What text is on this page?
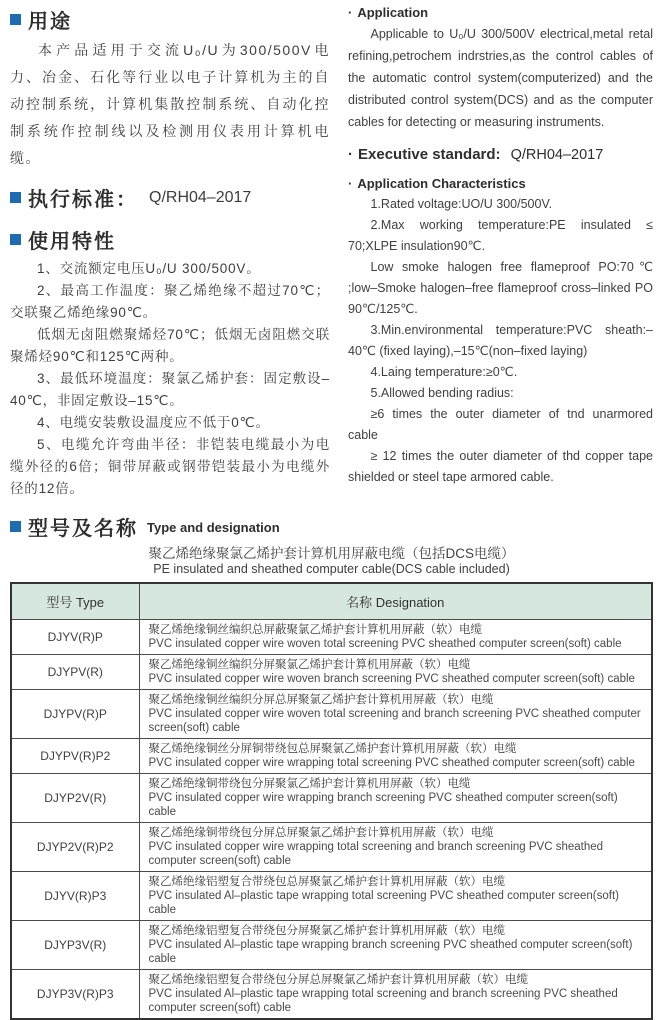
用途

本产品适用于交流U₀/U为300/500V电力、冶金、石化等行业以电子计算机为主的自动控制系统，计算机集散控制系统、自动化控制系统作控制线以及检测用仪表用计算机电缆。

执行标准： Q/RH04–2017
使用特性

1、交流额定电压U₀/U 300/500V。

2、最高工作温度：聚乙烯绝缘不超过70℃；交联聚乙烯绝缘90℃。

低烟无卤阻燃聚烯烃70℃；低烟无卤阻燃交联聚烯烃90℃和125℃两种。

3、最低环境温度：聚氯乙烯护套：固定敷设–40℃，非固定敷设–15℃。

4、电缆安装敷设温度应不低于0℃。

5、电缆允许弯曲半径：非铠装电缆最小为电缆外径的6倍；铜带屏蔽或钢带铠装最小为电缆外径的12倍。

· Application

Applicable to U₀/U 300/500V electrical,metal retal refining,petrochem indrstries,as the control cables of the automatic control system(computerized) and the distributed control system(DCS) and as the computer cables for detecting or measuring instruments.

· Executive standard: Q/RH04–2017
· Application Characteristics

1.Rated voltage:UO/U 300/500V.

2.Max working temperature:PE insulated ≤ 70;XLPE insulation90℃.

Low smoke halogen free flameproof PO:70℃ ;low–Smoke halogen–free flameproof cross–linked PO 90℃/125℃.

3.Min.environmental temperature:PVC sheath:–40℃ (fixed laying),–15℃(non–fixed laying)

4.Laing temperature:≥0℃.

5.Allowed bending radius:

≥6 times the outer diameter of tnd unarmored cable

≥ 12 times the outer diameter of thd copper tape shielded or steel tape armored cable.

型号及名称 Type and designation
聚乙烯绝缘聚氯乙烯护套计算机用屏蔽电缆（包括DCS电缆）
PE insulated and sheathed computer cable(DCS cable included)
型号 Type	名称 Designation
DJYV(R)P	聚乙烯绝缘铜丝编织总屏蔽聚氯乙烯护套计算机用屏蔽（软）电缆
PVC insulated copper wire woven total screening PVC sheathed computer screen(soft) cable

DJYPV(R)	聚乙烯绝缘铜丝编织分屏聚氯乙烯护套计算机用屏蔽（软）电缆
PVC insulated copper wire woven branch screening PVC sheathed computer screen(soft) cable

DJYPV(R)P	聚乙烯绝缘铜丝编织分屏总屏聚氯乙烯护套计算机用屏蔽（软）电缆
PVC insulated copper wire woven total screening and branch screening PVC sheathed computer screen(soft) cable

DJYPV(R)P2	聚乙烯绝缘铜丝分屏铜带绕包总屏聚氯乙烯护套计算机用屏蔽（软）电缆
PVC insulated copper wire wrapping total screening PVC sheathed computer screen(soft) cable

DJYP2V(R)	聚乙烯绝缘铜带绕包分屏聚氯乙烯护套计算机用屏蔽（软）电缆
PVC insulated copper wire wrapping branch screening PVC sheathed computer screen(soft) cable

DJYP2V(R)P2	聚乙烯绝缘铜带绕包分屏总屏聚氯乙烯护套计算机用屏蔽（软）电缆
PVC insulated copper wire wrapping total screening and branch screening PVC sheathed computer screen(soft) cable

DJYV(R)P3	聚乙烯绝缘铝塑复合带绕包总屏聚氯乙烯护套计算机用屏蔽（软）电缆
PVC insulated Al–plastic tape wrapping total screening PVC sheathed computer screen(soft) cable

DJYP3V(R)	聚乙烯绝缘铝塑复合带绕包分屏聚氯乙烯护套计算机用屏蔽（软）电缆
PVC insulated Al–plastic tape wrapping branch screening PVC sheathed computer screen(soft) cable

DJYP3V(R)P3	聚乙烯绝缘铝塑复合带绕包分屏总屏聚氯乙烯护套计算机用屏蔽（软）电缆
PVC insulated Al–plastic tape wrapping total screening and branch screening PVC sheathed computer screen(soft) cable
